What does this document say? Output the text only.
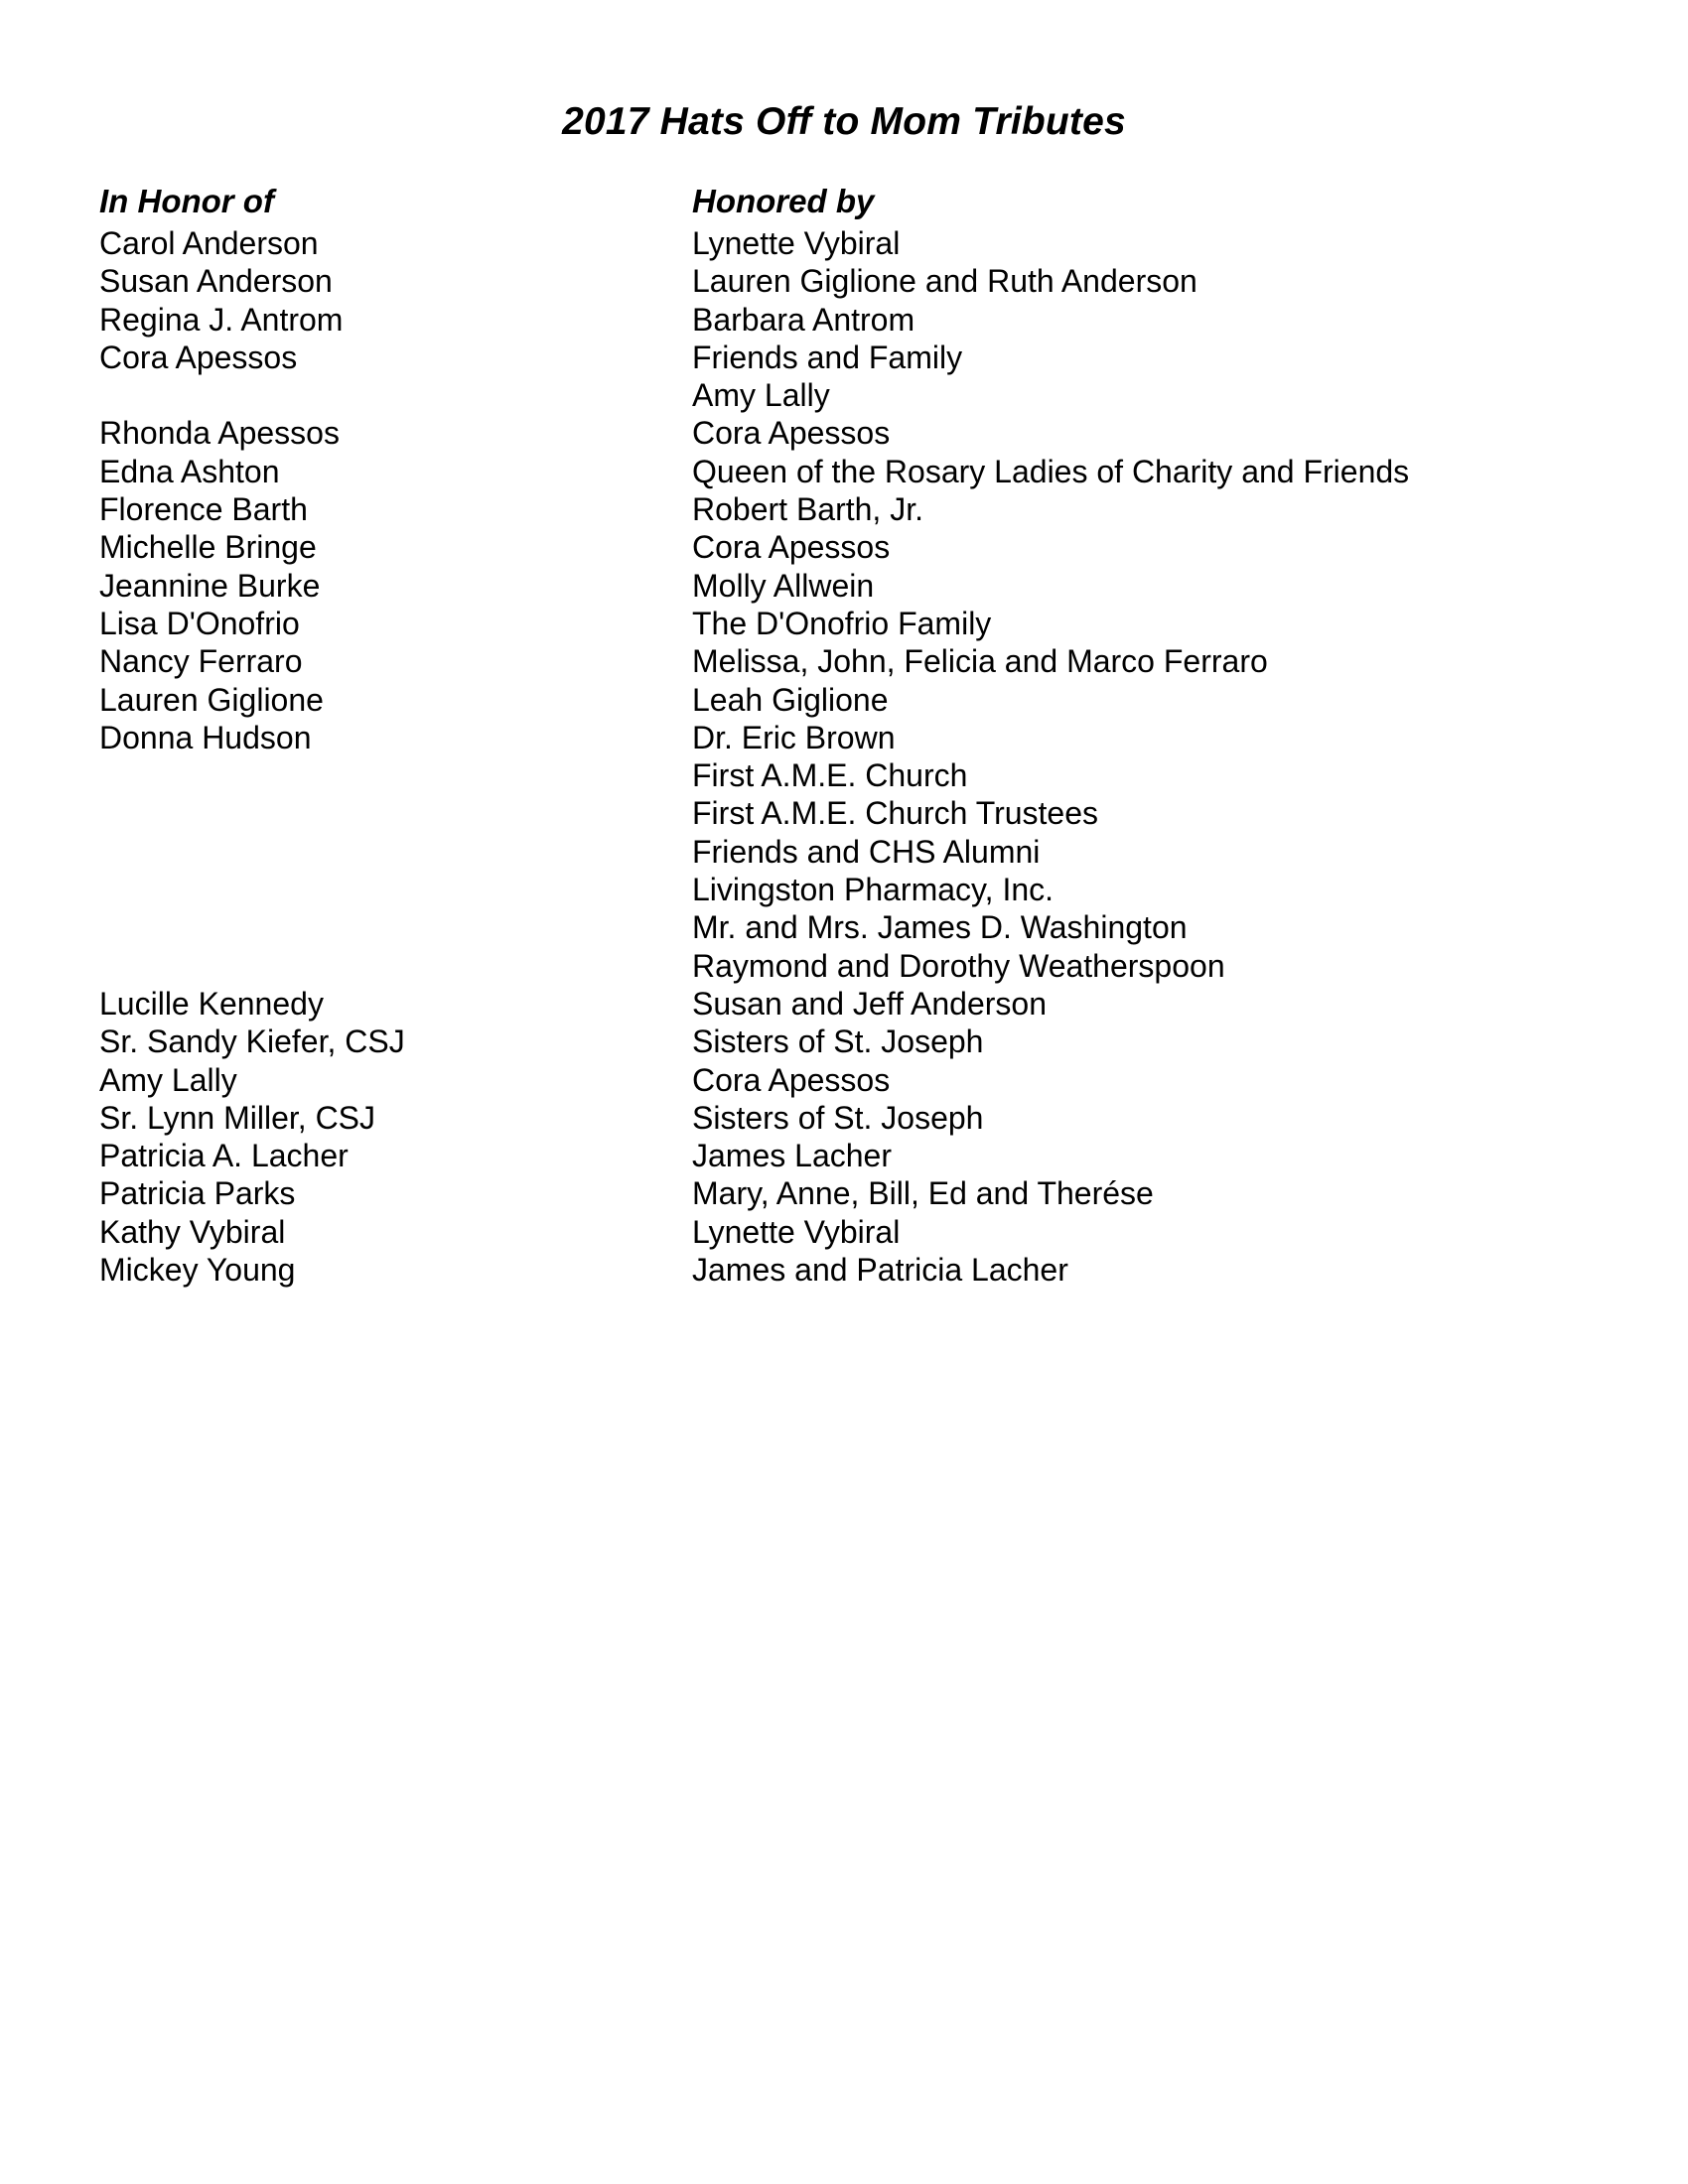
2017 Hats Off to Mom Tributes
In Honor of
Carol Anderson
Susan Anderson
Regina J. Antrom
Cora Apessos
Rhonda Apessos
Edna Ashton
Florence Barth
Michelle Bringe
Jeannine Burke
Lisa D'Onofrio
Nancy Ferraro
Lauren Giglione
Donna Hudson
Lucille Kennedy
Sr. Sandy Kiefer, CSJ
Amy Lally
Sr. Lynn Miller, CSJ
Patricia A. Lacher
Patricia Parks
Kathy Vybiral
Mickey Young
Honored by
Lynette Vybiral
Lauren Giglione and Ruth Anderson
Barbara Antrom
Friends and Family
Amy Lally
Cora Apessos
Queen of the Rosary Ladies of Charity and Friends
Robert Barth, Jr.
Cora Apessos
Molly Allwein
The D'Onofrio Family
Melissa, John, Felicia and Marco Ferraro
Leah Giglione
Dr. Eric Brown
First A.M.E. Church
First A.M.E. Church Trustees
Friends and CHS Alumni
Livingston Pharmacy, Inc.
Mr. and Mrs. James D. Washington
Raymond and Dorothy Weatherspoon
Susan and Jeff Anderson
Sisters of St. Joseph
Cora Apessos
Sisters of St. Joseph
James Lacher
Mary, Anne, Bill, Ed and Therése
Lynette Vybiral
James and Patricia Lacher
